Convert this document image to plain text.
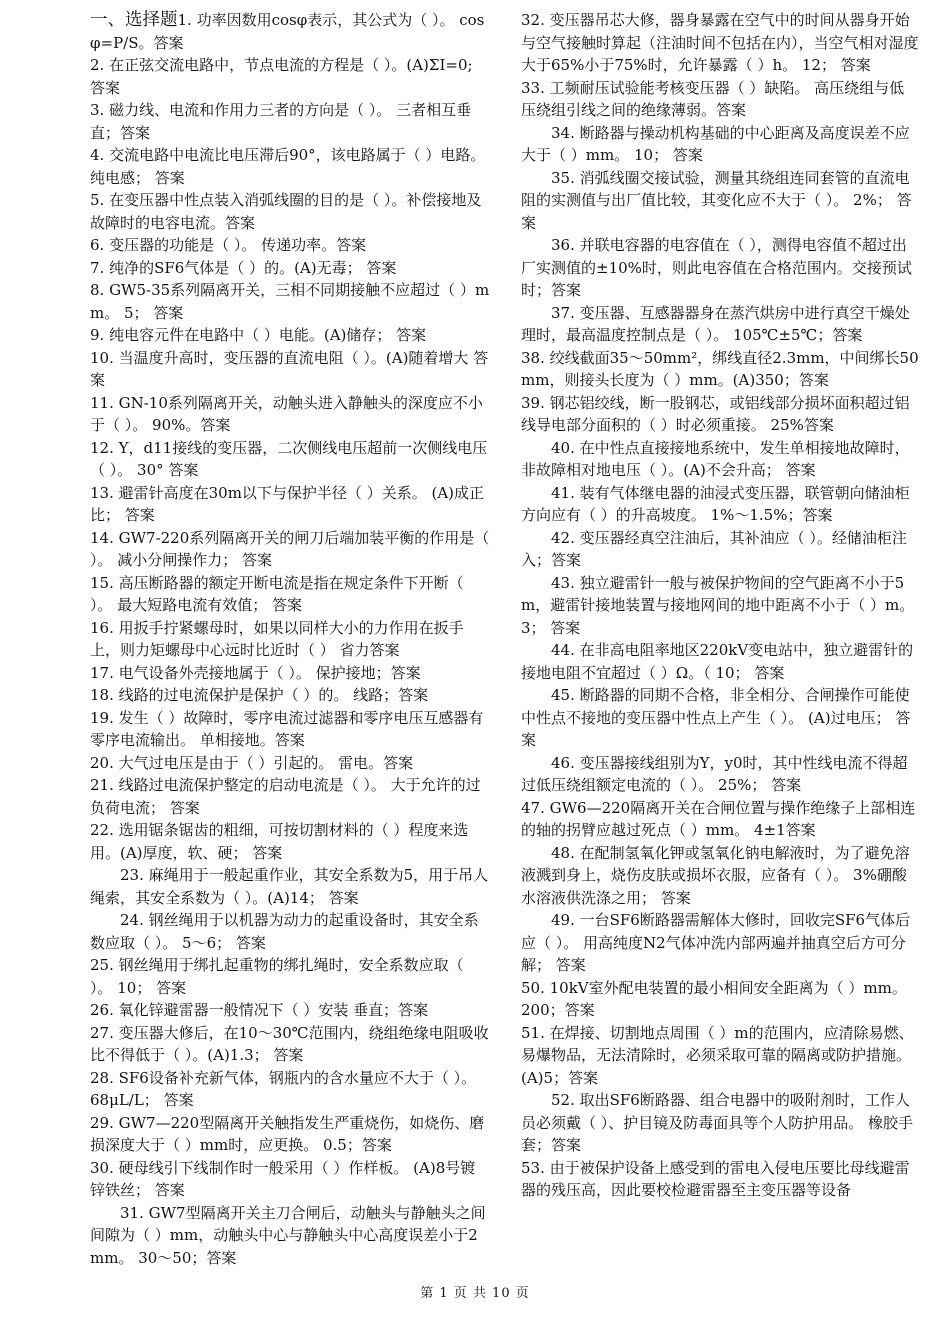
一、选择题1. 功率因数用cosφ表示，其公式为（ ）。 cosφ=P/S。答案
2. 在正弦交流电路中，节点电流的方程是（ ）。(A)ΣI=0; 答案
3. 磁力线、电流和作用力三者的方向是（ ）。 三者相互垂直；答案
4. 交流电路中电流比电压滞后90°，该电路属于（ ）电路。 纯电感； 答案
5. 在变压器中性点装入消弧线圈的目的是（ ）。补偿接地及故障时的电容电流。答案
6. 变压器的功能是（ ）。 传递功率。答案
7. 纯净的SF6气体是（ ）的。(A)无毒； 答案
8. GW5-35系列隔离开关，三相不同期接触不应超过（ ）mm。 5； 答案
9. 纯电容元件在电路中（ ）电能。(A)储存； 答案
10. 当温度升高时，变压器的直流电阻（ ）。(A)随着增大 答案
11. GN-10系列隔离开关，动触头进入静触头的深度应不小于（ ）。 90%。答案
12. Y，d11接线的变压器，二次侧线电压超前一次侧线电压（ ）。 30° 答案
13. 避雷针高度在30m以下与保护半径（ ）关系。 (A)成正比； 答案
14. GW7-220系列隔离开关的闸刀后端加装平衡的作用是（ ）。 减小分闸操作力； 答案
15. 高压断路器的额定开断电流是指在规定条件下开断（ ）。 最大短路电流有效值； 答案
16. 用扳手拧紧螺母时，如果以同样大小的力作用在扳手上，则力矩螺母中心远时比近时（ ） 省力答案
17. 电气设备外壳接地属于（ ）。 保护接地；答案
18. 线路的过电流保护是保护（ ）的。 线路；答案
19. 发生（ ）故障时，零序电流过滤器和零序电压互感器有零序电流输出。 单相接地。答案
20. 大气过电压是由于（ ）引起的。 雷电。答案
21. 线路过电流保护整定的启动电流是（ ）。 大于允许的过负荷电流； 答案
22. 选用锯条锯齿的粗细，可按切割材料的（ ）程度来选用。(A)厚度，软、硬； 答案
23. 麻绳用于一般起重作业，其安全系数为5，用于吊人绳索，其安全系数为（ ）。(A)14； 答案
24. 钢丝绳用于以机器为动力的起重设备时，其安全系数应取（ ）。 5～6； 答案
25. 钢丝绳用于绑扎起重物的绑扎绳时，安全系数应取（ ）。 10； 答案
26. 氧化锌避雷器一般情况下（ ）安装 垂直；答案
27. 变压器大修后，在10～30℃范围内，绕组绝缘电阻吸收比不得低于（ ）。(A)1.3； 答案
28. SF6设备补充新气体，钢瓶内的含水量应不大于（ ）。 68μL/L； 答案
29. GW7—220型隔离开关触指发生严重烧伤，如烧伤、磨损深度大于（ ）mm时，应更换。 0.5；答案
30. 硬母线引下线制作时一般采用（ ）作样板。 (A)8号镀锌铁丝； 答案
31. GW7型隔离开关主刀合闸后，动触头与静触头之间间隙为（ ）mm，动触头中心与静触头中心高度误差小于2mm。 30～50；答案
32. 变压器吊芯大修，器身暴露在空气中的时间从器身开始与空气接触时算起（注油时间不包括在内），当空气相对湿度大于65%小于75%时，允许暴露（ ）h。 12； 答案
33. 工频耐压试验能考核变压器（ ）缺陷。 高压绕组与低压绕组引线之间的绝缘薄弱。答案
34. 断路器与操动机构基础的中心距离及高度误差不应大于（ ）mm。 10； 答案
35. 消弧线圈交接试验，测量其绕组连同套管的直流电阻的实测值与出厂值比较，其变化应不大于（ ）。 2%； 答案
36. 并联电容器的电容值在（ ），测得电容值不超过出厂实测值的±10%时，则此电容值在合格范围内。交接预试时；答案
37. 变压器、互感器器身在蒸汽烘房中进行真空干燥处理时，最高温度控制点是（ ）。 105℃±5℃；答案
38. 绞线截面35～50mm²，绑线直径2.3mm，中间绑长50mm，则接头长度为（ ）mm。(A)350；答案
39. 钢芯铝绞线，断一股钢芯，或铝线部分损坏面积超过铝线导电部分面积的（ ）时必须重接。 25%答案
40. 在中性点直接接地系统中，发生单相接地故障时，非故障相对地电压（ ）。(A)不会升高； 答案
41. 装有气体继电器的油浸式变压器，联管朝向储油柜方向应有（ ）的升高坡度。 1%～1.5%；答案
42. 变压器经真空注油后，其补油应（ ）。经储油柜注入；答案
43. 独立避雷针一般与被保护物间的空气距离不小于5m，避雷针接地装置与接地网间的地中距离不小于（ ）m。 3； 答案
44. 在非高电阻率地区220kV变电站中，独立避雷针的接地电阻不宜超过（ ）Ω。（ 10； 答案
45. 断路器的同期不合格，非全相分、合闸操作可能使中性点不接地的变压器中性点上产生（ ）。 (A)过电压； 答案
46. 变压器接线组别为Y，y0时，其中性线电流不得超过低压绕组额定电流的（ ）。 25%； 答案
47. GW6—220隔离开关在合闸位置与操作绝缘子上部相连的轴的拐臂应越过死点（ ）mm。 4±1答案
48. 在配制氢氧化钾或氢氧化钠电解液时，为了避免溶液溅到身上，烧伤皮肤或损坏衣服，应备有（ ）。 3%硼酸水溶液供洗涤之用； 答案
49. 一台SF6断路器需解体大修时，回收完SF6气体后应（ ）。 用高纯度N2气体冲洗内部两遍并抽真空后方可分解； 答案
50. 10kV室外配电装置的最小相间安全距离为（ ）mm。 200；答案
51. 在焊接、切割地点周围（ ）m的范围内，应清除易燃、易爆物品，无法清除时，必须采取可靠的隔离或防护措施。(A)5；答案
52. 取出SF6断路器、组合电器中的吸附剂时，工作人员必须戴（ ）、护目镜及防毒面具等个人防护用品。 橡胶手套；答案
53. 由于被保护设备上感受到的雷电入侵电压要比母线避雷器的残压高，因此要校检避雷器至主变压器等设备
第 1 页 共 10 页
